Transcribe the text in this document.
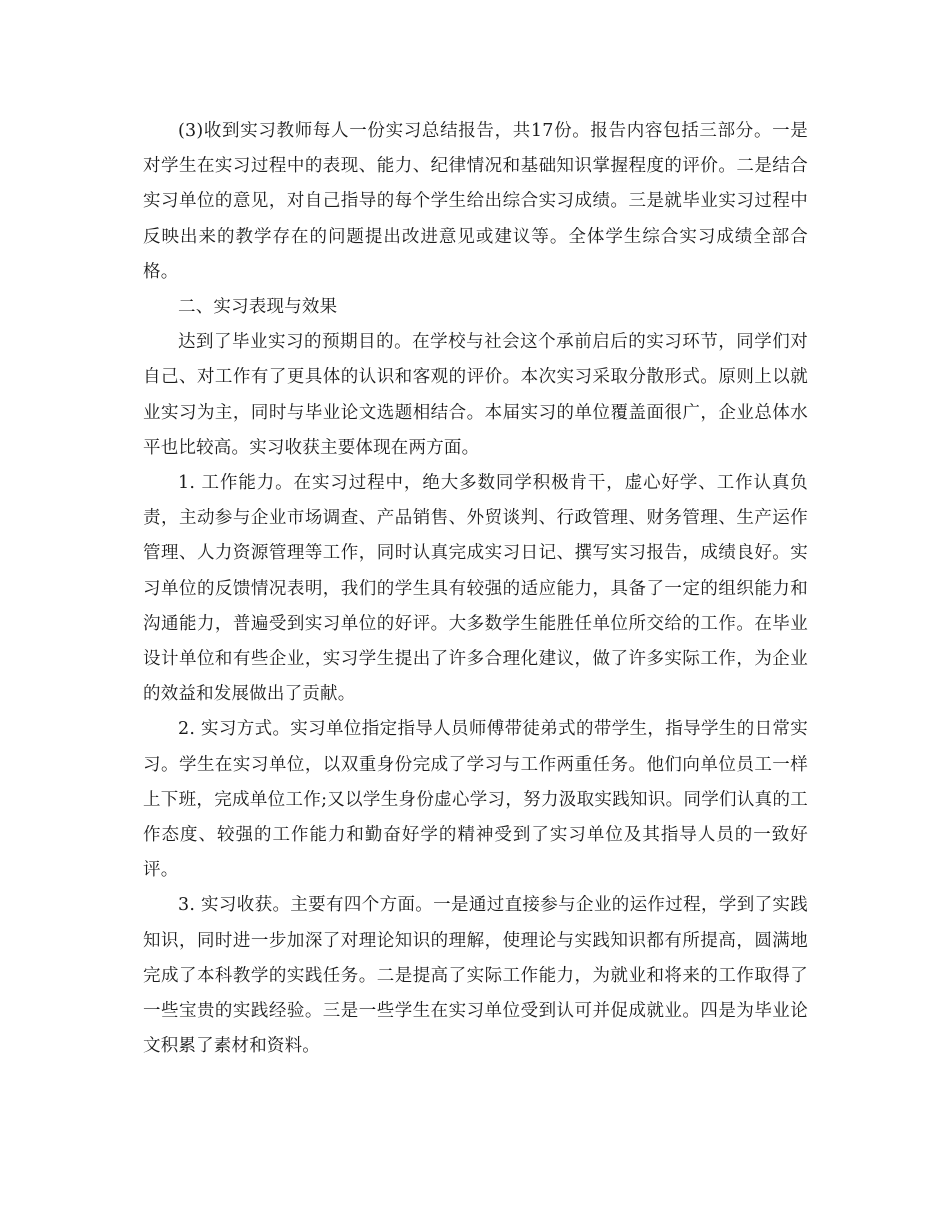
(3)收到实习教师每人一份实习总结报告，共17份。报告内容包括三部分。一是对学生在实习过程中的表现、能力、纪律情况和基础知识掌握程度的评价。二是结合实习单位的意见，对自己指导的每个学生给出综合实习成绩。三是就毕业实习过程中反映出来的教学存在的问题提出改进意见或建议等。全体学生综合实习成绩全部合格。

二、实习表现与效果

达到了毕业实习的预期目的。在学校与社会这个承前启后的实习环节，同学们对自己、对工作有了更具体的认识和客观的评价。本次实习采取分散形式。原则上以就业实习为主，同时与毕业论文选题相结合。本届实习的单位覆盖面很广，企业总体水平也比较高。实习收获主要体现在两方面。

1. 工作能力。在实习过程中，绝大多数同学积极肯干，虚心好学、工作认真负责，主动参与企业市场调查、产品销售、外贸谈判、行政管理、财务管理、生产运作管理、人力资源管理等工作，同时认真完成实习日记、撰写实习报告，成绩良好。实习单位的反馈情况表明，我们的学生具有较强的适应能力，具备了一定的组织能力和沟通能力，普遍受到实习单位的好评。大多数学生能胜任单位所交给的工作。在毕业设计单位和有些企业，实习学生提出了许多合理化建议，做了许多实际工作，为企业的效益和发展做出了贡献。

2. 实习方式。实习单位指定指导人员师傅带徒弟式的带学生，指导学生的日常实习。学生在实习单位，以双重身份完成了学习与工作两重任务。他们向单位员工一样上下班，完成单位工作;又以学生身份虚心学习，努力汲取实践知识。同学们认真的工作态度、较强的工作能力和勤奋好学的精神受到了实习单位及其指导人员的一致好评。

3. 实习收获。主要有四个方面。一是通过直接参与企业的运作过程，学到了实践知识，同时进一步加深了对理论知识的理解，使理论与实践知识都有所提高，圆满地完成了本科教学的实践任务。二是提高了实际工作能力，为就业和将来的工作取得了一些宝贵的实践经验。三是一些学生在实习单位受到认可并促成就业。四是为毕业论文积累了素材和资料。
